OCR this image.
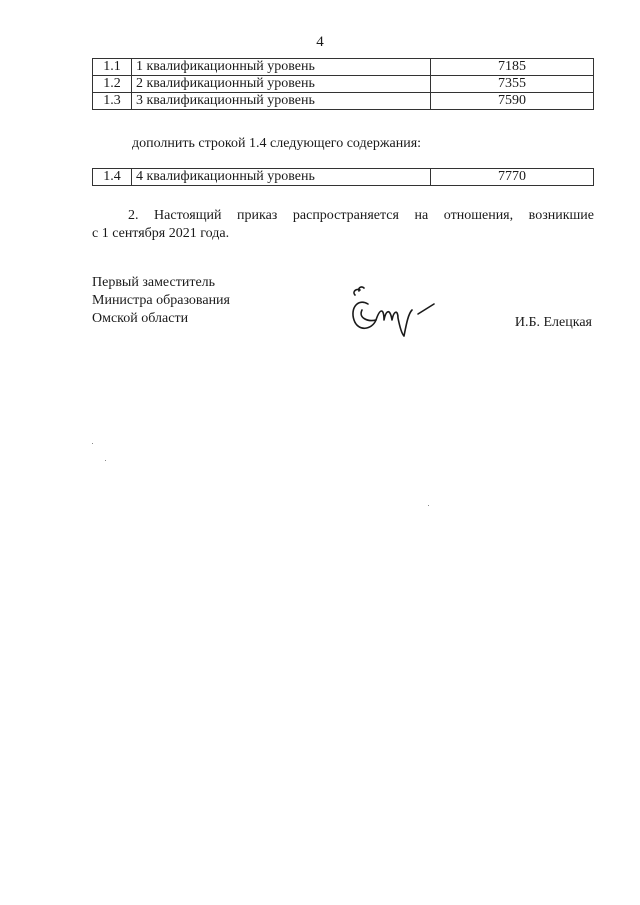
4
1.1	1 квалификационный уровень	7185
1.2	2 квалификационный уровень	7355
1.3	3 квалификационный уровень	7590
дополнить строкой 1.4 следующего содержания:
1.4	4 квалификационный уровень	7770
2. Настоящий приказ распространяется на отношения, возникшие
с 1 сентября 2021 года.
Первый заместитель
Министра образования
Омской области	И.Б. Елецкая
